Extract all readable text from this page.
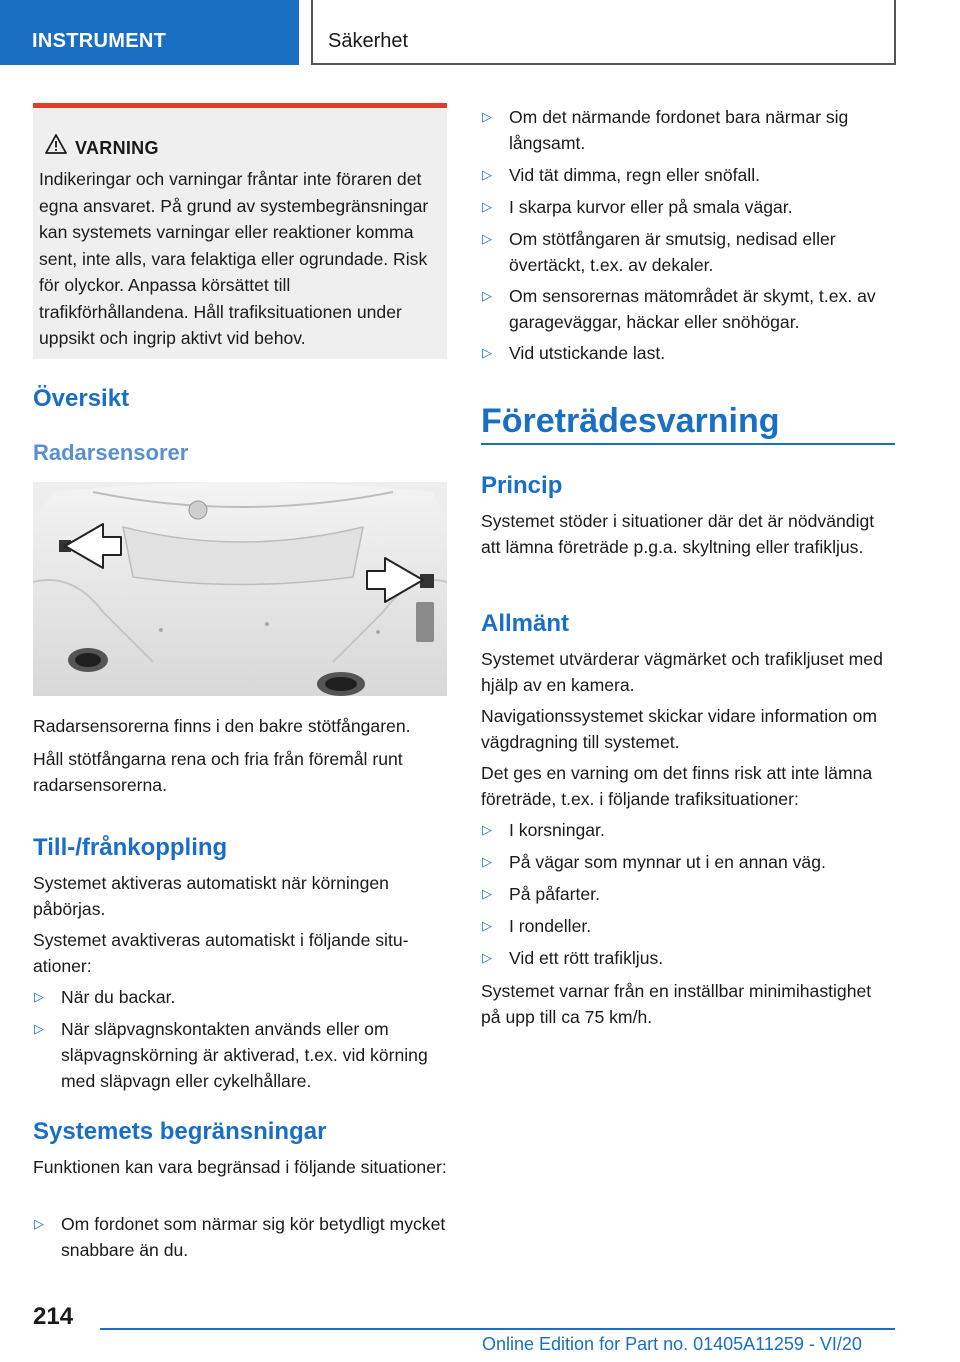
INSTRUMENT	Säkerhet
VARNING
Indikeringar och varningar fråntar inte föraren det egna ansvaret. På grund av systembegränsningar kan systemets varningar eller reaktioner komma sent, inte alls, vara felaktiga eller ogrundade. Risk för olyckor. Anpassa körsättet till trafikförhållandena. Håll trafiksituationen under uppsikt och ingrip aktivt vid behov.
Översikt
Radarsensorer
Radarsensorerna finns i den bakre stötfångaren.
Håll stötfångarna rena och fria från föremål runt radarsensorerna.
Till-/frånkoppling
Systemet aktiveras automatiskt när körningen påbörjas.
Systemet avaktiveras automatiskt i följande situationer:
▷ När du backar.
▷ När släpvagnskontakten används eller om släpvagnskörning är aktiverad, t.ex. vid körning med släpvagn eller cykelhållare.
Systemets begränsningar
Funktionen kan vara begränsad i följande situationer:
▷ Om fordonet som närmar sig kör betydligt mycket snabbare än du.
▷ Om det närmande fordonet bara närmar sig långsamt.
▷ Vid tät dimma, regn eller snöfall.
▷ I skarpa kurvor eller på smala vägar.
▷ Om stötfångaren är smutsig, nedisad eller övertäckt, t.ex. av dekaler.
▷ Om sensorernas mätområdet är skymt, t.ex. av garageväggar, häckar eller snöhögar.
▷ Vid utstickande last.
Företrädesvarning
Princip
Systemet stöder i situationer där det är nödvändigt att lämna företräde p.g.a. skyltning eller trafikljus.
Allmänt
Systemet utvärderar vägmärket och trafikljuset med hjälp av en kamera.
Navigationssystemet skickar vidare information om vägdragning till systemet.
Det ges en varning om det finns risk att inte lämna företräde, t.ex. i följande trafiksituationer:
▷ I korsningar.
▷ På vägar som mynnar ut i en annan väg.
▷ På påfarter.
▷ I rondeller.
▷ Vid ett rött trafikljus.
Systemet varnar från en inställbar minimihastighet på upp till ca 75 km/h.
214
Online Edition for Part no. 01405A11259 - VI/20
